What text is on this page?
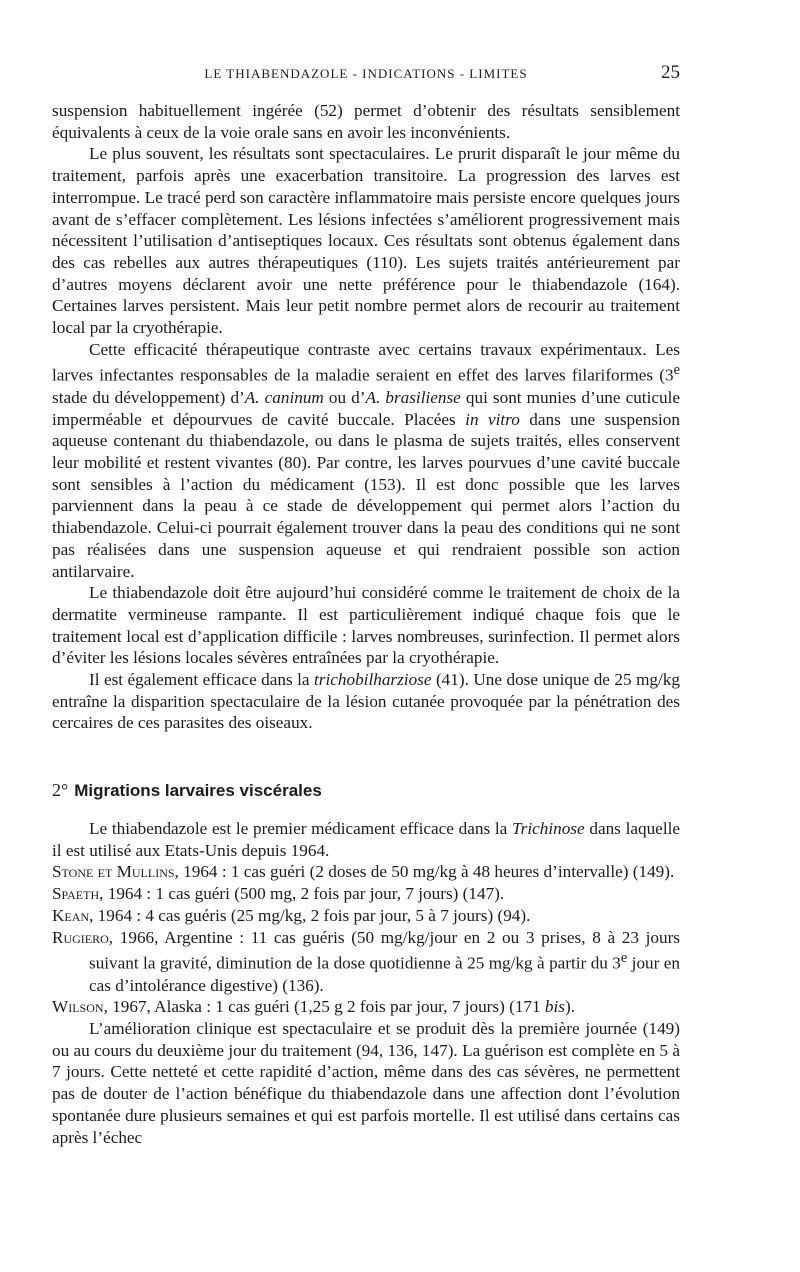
LE THIABENDAZOLE - INDICATIONS - LIMITES	25

suspension habituellement ingérée (52) permet d’obtenir des résultats sensiblement équivalents à ceux de la voie orale sans en avoir les inconvénients.

Le plus souvent, les résultats sont spectaculaires. Le prurit disparaît le jour même du traitement, parfois après une exacerbation transitoire. La progression des larves est interrompue. Le tracé perd son caractère inflammatoire mais persiste encore quelques jours avant de s’effacer complètement. Les lésions infectées s’améliorent progressivement mais nécessitent l’utilisation d’antiseptiques locaux. Ces résultats sont obtenus également dans des cas rebelles aux autres thérapeutiques (110). Les sujets traités antérieurement par d’autres moyens déclarent avoir une nette préférence pour le thiabendazole (164). Certaines larves persistent. Mais leur petit nombre permet alors de recourir au traitement local par la cryothérapie.

Cette efficacité thérapeutique contraste avec certains travaux expérimentaux. Les larves infectantes responsables de la maladie seraient en effet des larves filariformes (3e stade du développement) d’A. caninum ou d’A. brasiliense qui sont munies d’une cuticule imperméable et dépourvues de cavité buccale. Placées in vitro dans une suspension aqueuse contenant du thiabendazole, ou dans le plasma de sujets traités, elles conservent leur mobilité et restent vivantes (80). Par contre, les larves pourvues d’une cavité buccale sont sensibles à l’action du médicament (153). Il est donc possible que les larves parviennent dans la peau à ce stade de développement qui permet alors l’action du thiabendazole. Celui-ci pourrait également trouver dans la peau des conditions qui ne sont pas réalisées dans une suspension aqueuse et qui rendraient possible son action antilarvaire.

Le thiabendazole doit être aujourd’hui considéré comme le traitement de choix de la dermatite vermineuse rampante. Il est particulièrement indiqué chaque fois que le traitement local est d’application difficile : larves nombreuses, surinfection. Il permet alors d’éviter les lésions locales sévères entraînées par la cryothérapie.

Il est également efficace dans la trichobilharziose (41). Une dose unique de 25 mg/kg entraîne la disparition spectaculaire de la lésion cutanée provoquée par la pénétration des cercaires de ces parasites des oiseaux.

2° Migrations larvaires viscérales

Le thiabendazole est le premier médicament efficace dans la Trichinose dans laquelle il est utilisé aux Etats-Unis depuis 1964.

Stone et Mullins, 1964 : 1 cas guéri (2 doses de 50 mg/kg à 48 heures d’intervalle) (149).

Spaeth, 1964 : 1 cas guéri (500 mg, 2 fois par jour, 7 jours) (147).

Kean, 1964 : 4 cas guéris (25 mg/kg, 2 fois par jour, 5 à 7 jours) (94).

Rugiero, 1966, Argentine : 11 cas guéris (50 mg/kg/jour en 2 ou 3 prises, 8 à 23 jours suivant la gravité, diminution de la dose quotidienne à 25 mg/kg à partir du 3e jour en cas d’intolérance digestive) (136).

Wilson, 1967, Alaska : 1 cas guéri (1,25 g 2 fois par jour, 7 jours) (171 bis).

L’amélioration clinique est spectaculaire et se produit dès la première journée (149) ou au cours du deuxième jour du traitement (94, 136, 147). La guérison est complète en 5 à 7 jours. Cette netteté et cette rapidité d’action, même dans des cas sévères, ne permettent pas de douter de l’action bénéfique du thiabendazole dans une affection dont l’évolution spontanée dure plusieurs semaines et qui est parfois mortelle. Il est utilisé dans certains cas après l’échec
